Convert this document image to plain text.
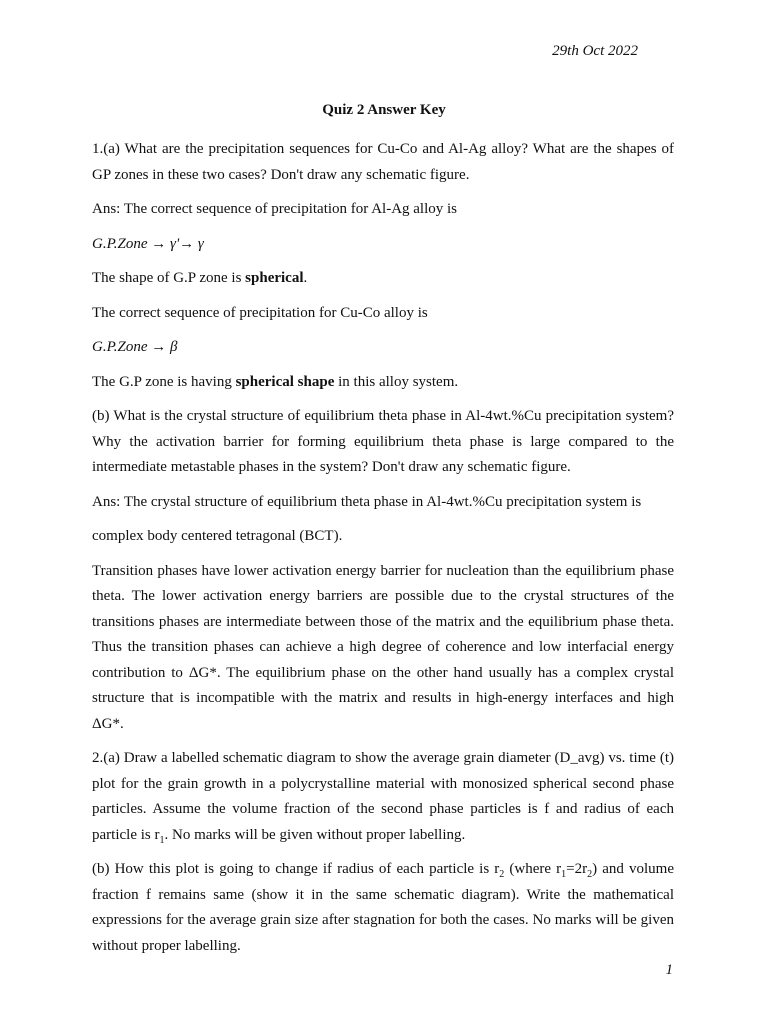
29th Oct 2022
Quiz 2 Answer Key

1.(a) What are the precipitation sequences for Cu-Co and Al-Ag alloy? What are the shapes of GP zones in these two cases? Don't draw any schematic figure.

Ans: The correct sequence of precipitation for Al-Ag alloy is

G.P.Zone → γ'→ γ

The shape of G.P zone is spherical.

The correct sequence of precipitation for Cu-Co alloy is

G.P.Zone → β

The G.P zone is having spherical shape in this alloy system.

(b) What is the crystal structure of equilibrium theta phase in Al-4wt.%Cu precipitation system? Why the activation barrier for forming equilibrium theta phase is large compared to the intermediate metastable phases in the system? Don't draw any schematic figure.

Ans: The crystal structure of equilibrium theta phase in Al-4wt.%Cu precipitation system is

complex body centered tetragonal (BCT).

Transition phases have lower activation energy barrier for nucleation than the equilibrium phase theta. The lower activation energy barriers are possible due to the crystal structures of the transitions phases are intermediate between those of the matrix and the equilibrium phase theta. Thus the transition phases can achieve a high degree of coherence and low interfacial energy contribution to ΔG*. The equilibrium phase on the other hand usually has a complex crystal structure that is incompatible with the matrix and results in high-energy interfaces and high ΔG*.

2.(a) Draw a labelled schematic diagram to show the average grain diameter (D_avg) vs. time (t) plot for the grain growth in a polycrystalline material with monosized spherical second phase particles. Assume the volume fraction of the second phase particles is f and radius of each particle is $r_1$. No marks will be given without proper labelling.

(b) How this plot is going to change if radius of each particle is $r_2$ (where $r_1=2r_2$) and volume fraction f remains same (show it in the same schematic diagram). Write the mathematical expressions for the average grain size after stagnation for both the cases. No marks will be given without proper labelling.

1
